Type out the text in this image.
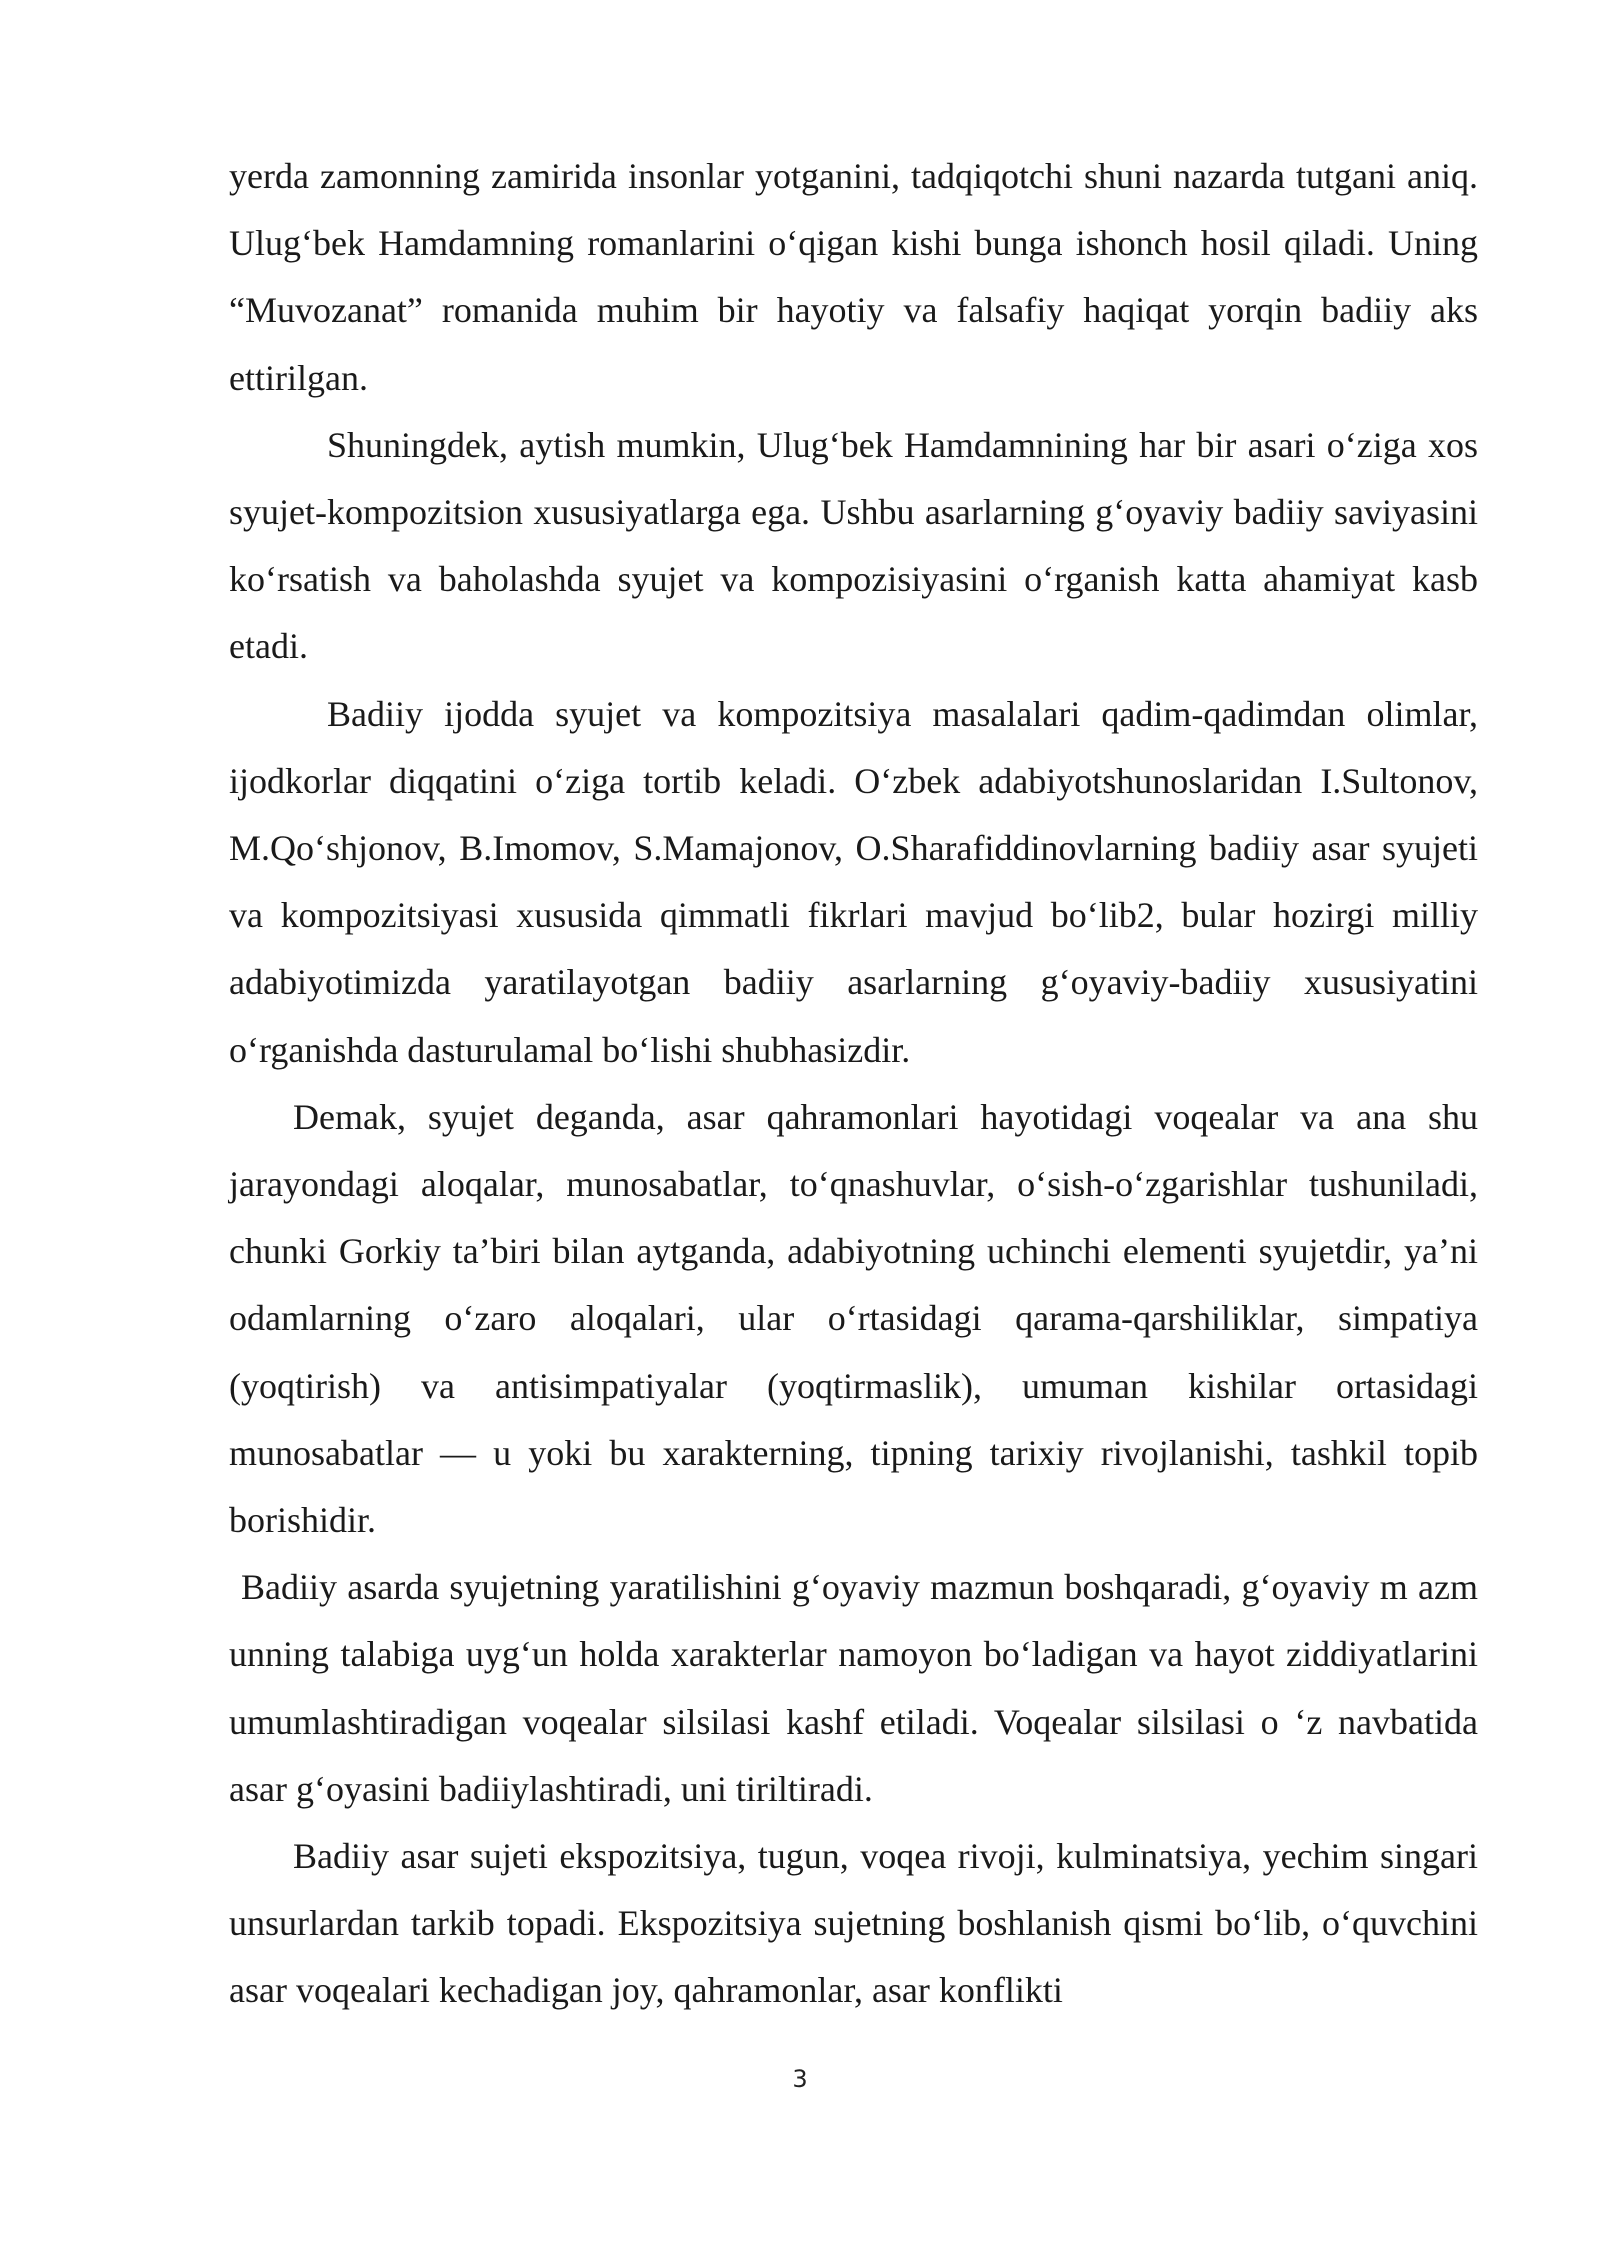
yerda zamonning zamirida insonlar yotganini, tadqiqotchi shuni nazarda tutgani aniq. Ulug‘bek Hamdamning romanlarini o‘qigan kishi bunga ishonch hosil qiladi. Uning “Muvozanat” romanida muhim bir hayotiy va falsafiy haqiqat yorqin badiiy aks ettirilgan.

Shuningdek, aytish mumkin, Ulug‘bek Hamdamnining har bir asari o‘ziga xos syujet-kompozitsion xususiyatlarga ega. Ushbu asarlarning g‘oyaviy badiiy saviyasini ko‘rsatish va baholashda syujet va kompozisiyasini o‘rganish katta ahamiyat kasb etadi.

Badiiy ijodda syujet va kompozitsiya masalalari qadim-qadimdan olimlar, ijodkorlar diqqatini o‘ziga tortib keladi. O‘zbek adabiyotshunoslaridan I.Sultonov, M.Qo‘shjonov, B.Imomov, S.Mamajonov, O.Sharafiddinovlarning badiiy asar syujeti va kompozitsiyasi xususida qimmatli fikrlari mavjud bo‘lib2, bular hozirgi milliy adabiyotimizda yaratilayotgan badiiy asarlarning g‘oyaviy-badiiy xususiyatini o‘rganishda dasturulamal bo‘lishi shubhasizdir.

Demak, syujet deganda, asar qahramonlari hayotidagi voqealar va ana shu jarayondagi aloqalar, munosabatlar, to‘qnashuvlar, o‘sish-o‘zgarishlar tushuniladi, chunki Gorkiy ta’biri bilan aytganda, adabiyotning uchinchi elementi syujetdir, ya’ni odamlarning o‘zaro aloqalari, ular o‘rtasidagi qarama-qarshiliklar, simpatiya (yoqtirish) va antisimpatiyalar (yoqtirmaslik), umuman kishilar ortasidagi munosabatlar — u yoki bu xarakterning, tipning tarixiy rivojlanishi, tashkil topib borishidir.

Badiiy asarda syujetning yaratilishini g‘oyaviy mazmun boshqaradi, g‘oyaviy m azm unning talabiga uyg‘un holda xarakterlar namoyon bo‘ladigan va hayot ziddiyatlarini umumlashtiradigan voqealar silsilasi kashf etiladi. Voqealar silsilasi o ‘z navbatida asar g‘oyasini badiiylashtiradi, uni tiriltiradi.

Badiiy asar sujeti ekspozitsiya, tugun, voqea rivoji, kulminatsiya, yechim singari unsurlardan tarkib topadi. Ekspozitsiya sujetning boshlanish qismi bo‘lib, o‘quvchini asar voqealari kechadigan joy, qahramonlar, asar konflikti

3
